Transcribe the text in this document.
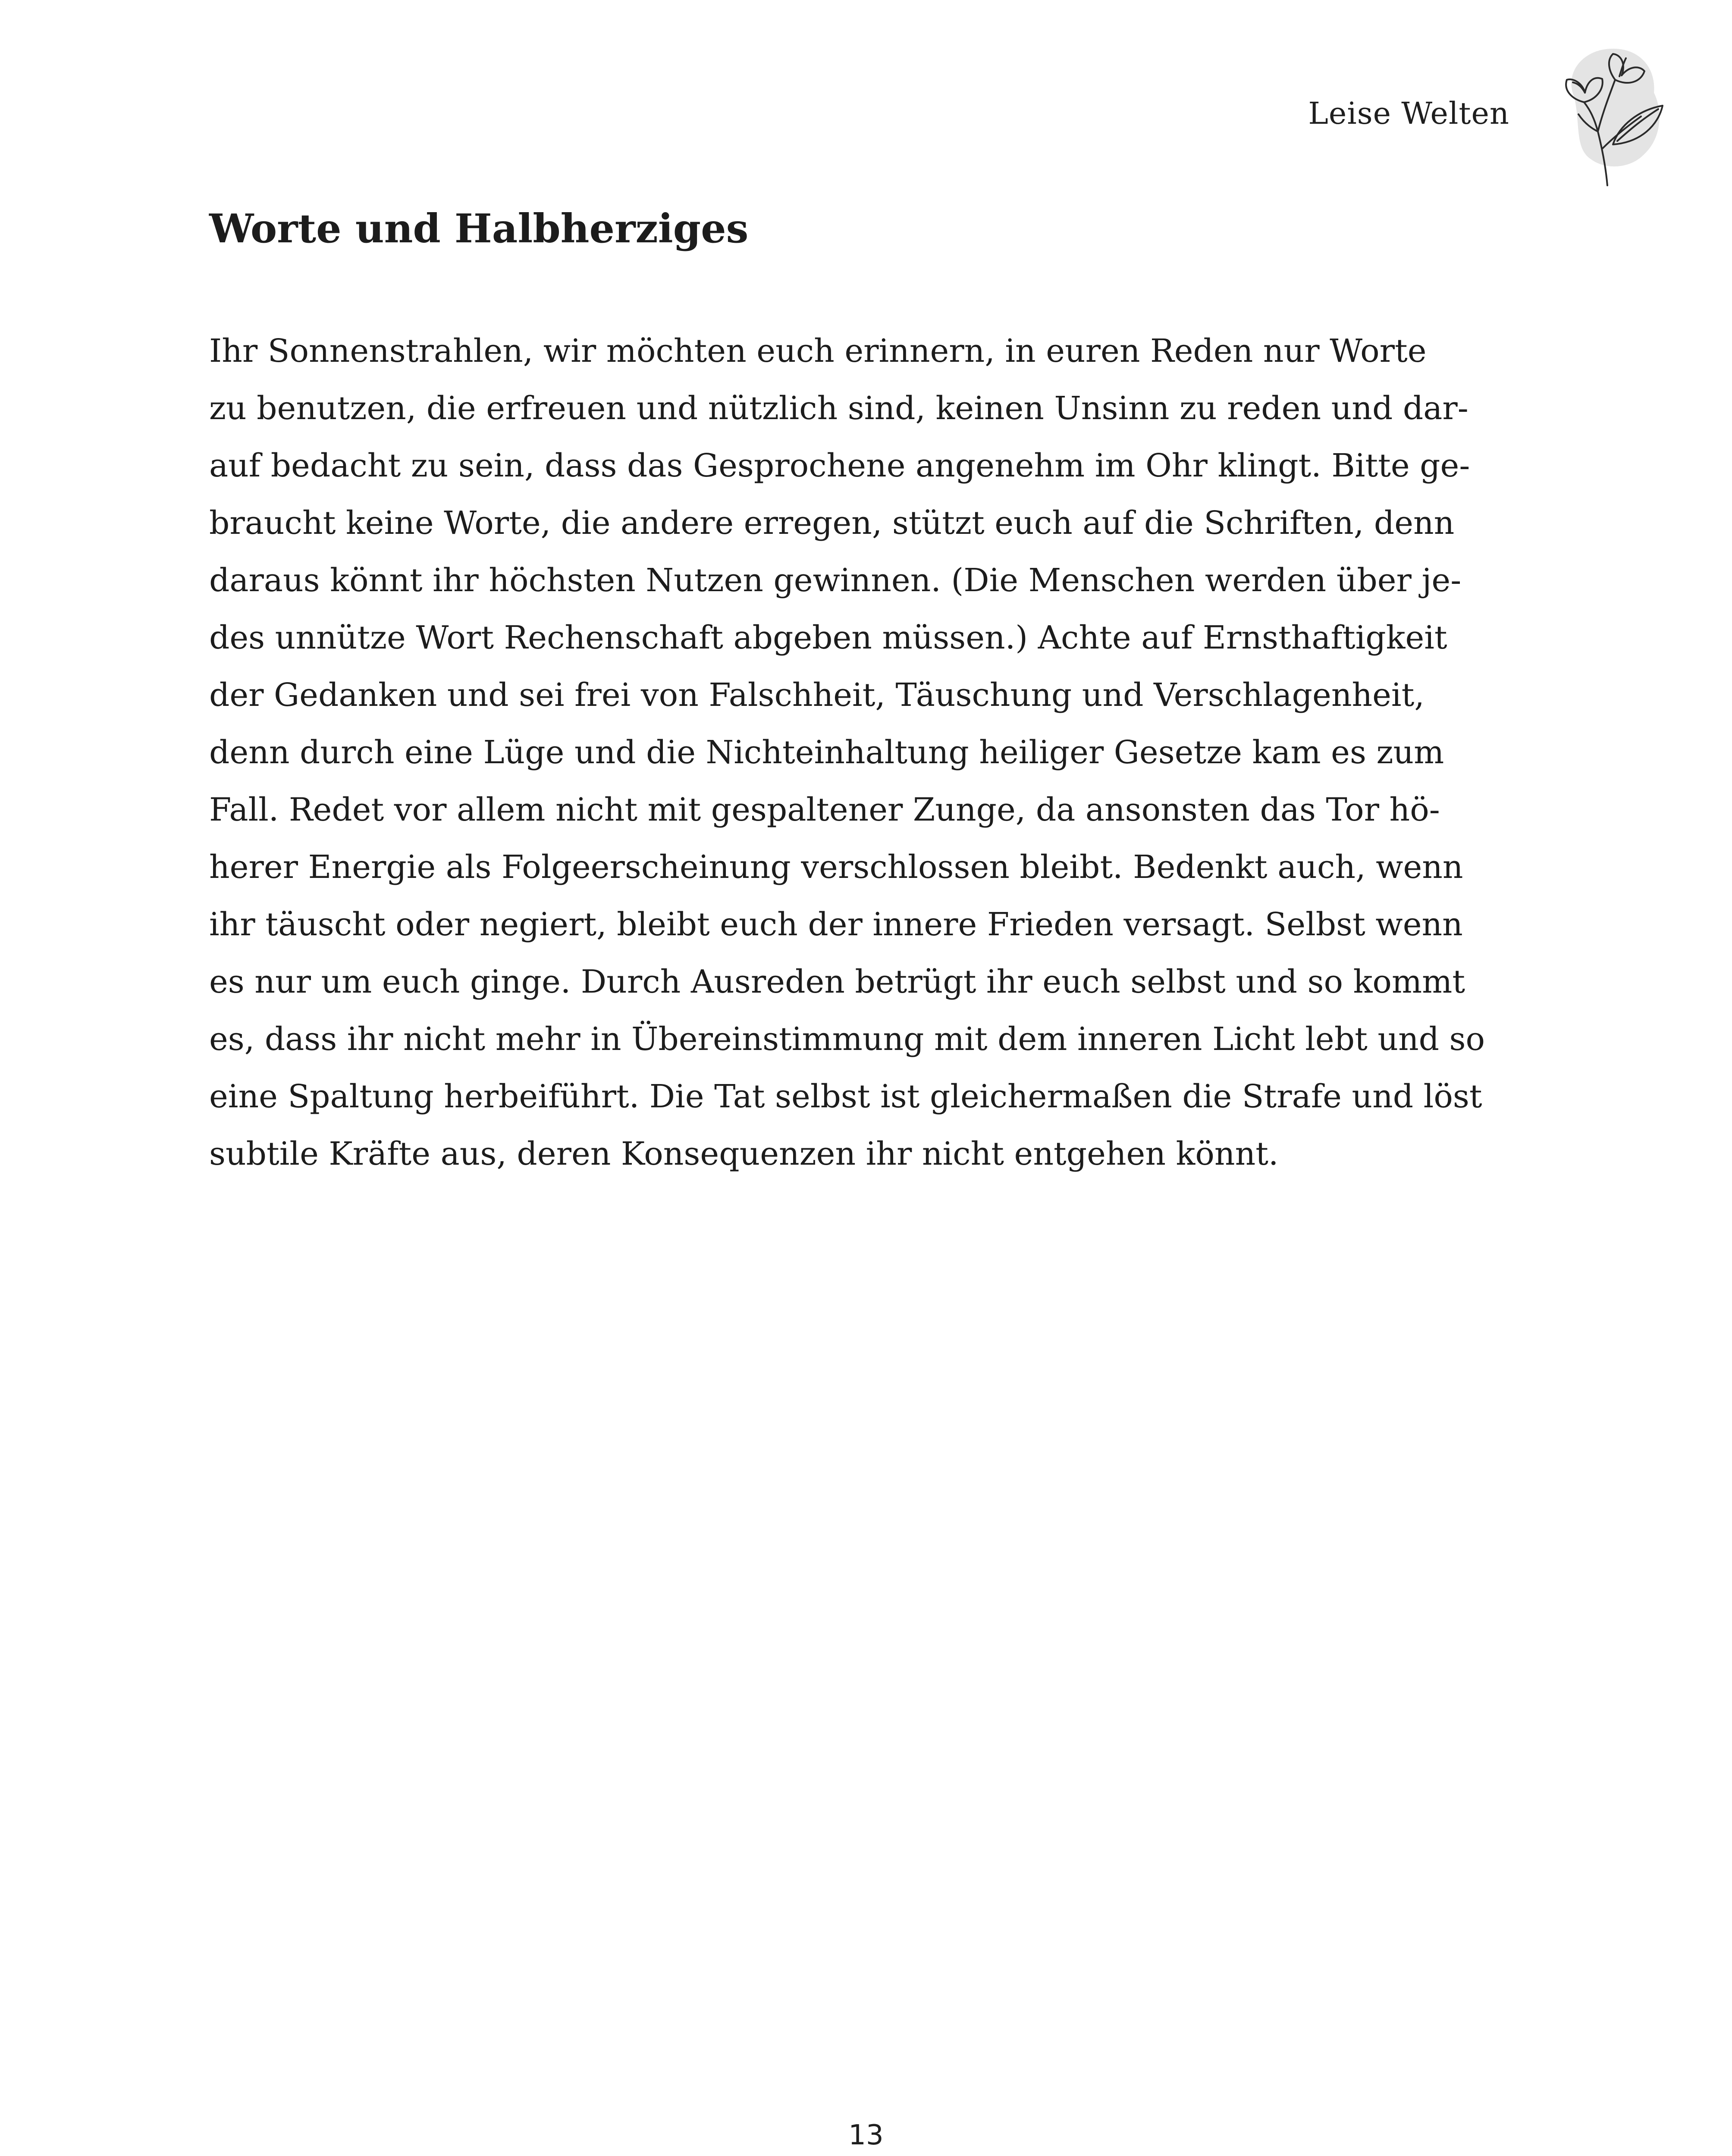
Leise Welten
Worte und Halbherziges
Ihr Sonnenstrahlen, wir möchten euch erinnern, in euren Reden nur Worte
zu benutzen, die erfreuen und nützlich sind, keinen Unsinn zu reden und dar-
auf bedacht zu sein, dass das Gesprochene angenehm im Ohr klingt. Bitte ge-
braucht keine Worte, die andere erregen, stützt euch auf die Schriften, denn
daraus könnt ihr höchsten Nutzen gewinnen. (Die Menschen werden über je-
des unnütze Wort Rechenschaft abgeben müssen.) Achte auf Ernsthaftigkeit
der Gedanken und sei frei von Falschheit, Täuschung und Verschlagenheit,
denn durch eine Lüge und die Nichteinhaltung heiliger Gesetze kam es zum
Fall. Redet vor allem nicht mit gespaltener Zunge, da ansonsten das Tor hö-
herer Energie als Folgeerscheinung verschlossen bleibt. Bedenkt auch, wenn
ihr täuscht oder negiert, bleibt euch der innere Frieden versagt. Selbst wenn
es nur um euch ginge. Durch Ausreden betrügt ihr euch selbst und so kommt
es, dass ihr nicht mehr in Übereinstimmung mit dem inneren Licht lebt und so
eine Spaltung herbeiführt. Die Tat selbst ist gleichermaßen die Strafe und löst
subtile Kräfte aus, deren Konsequenzen ihr nicht entgehen könnt.
13
